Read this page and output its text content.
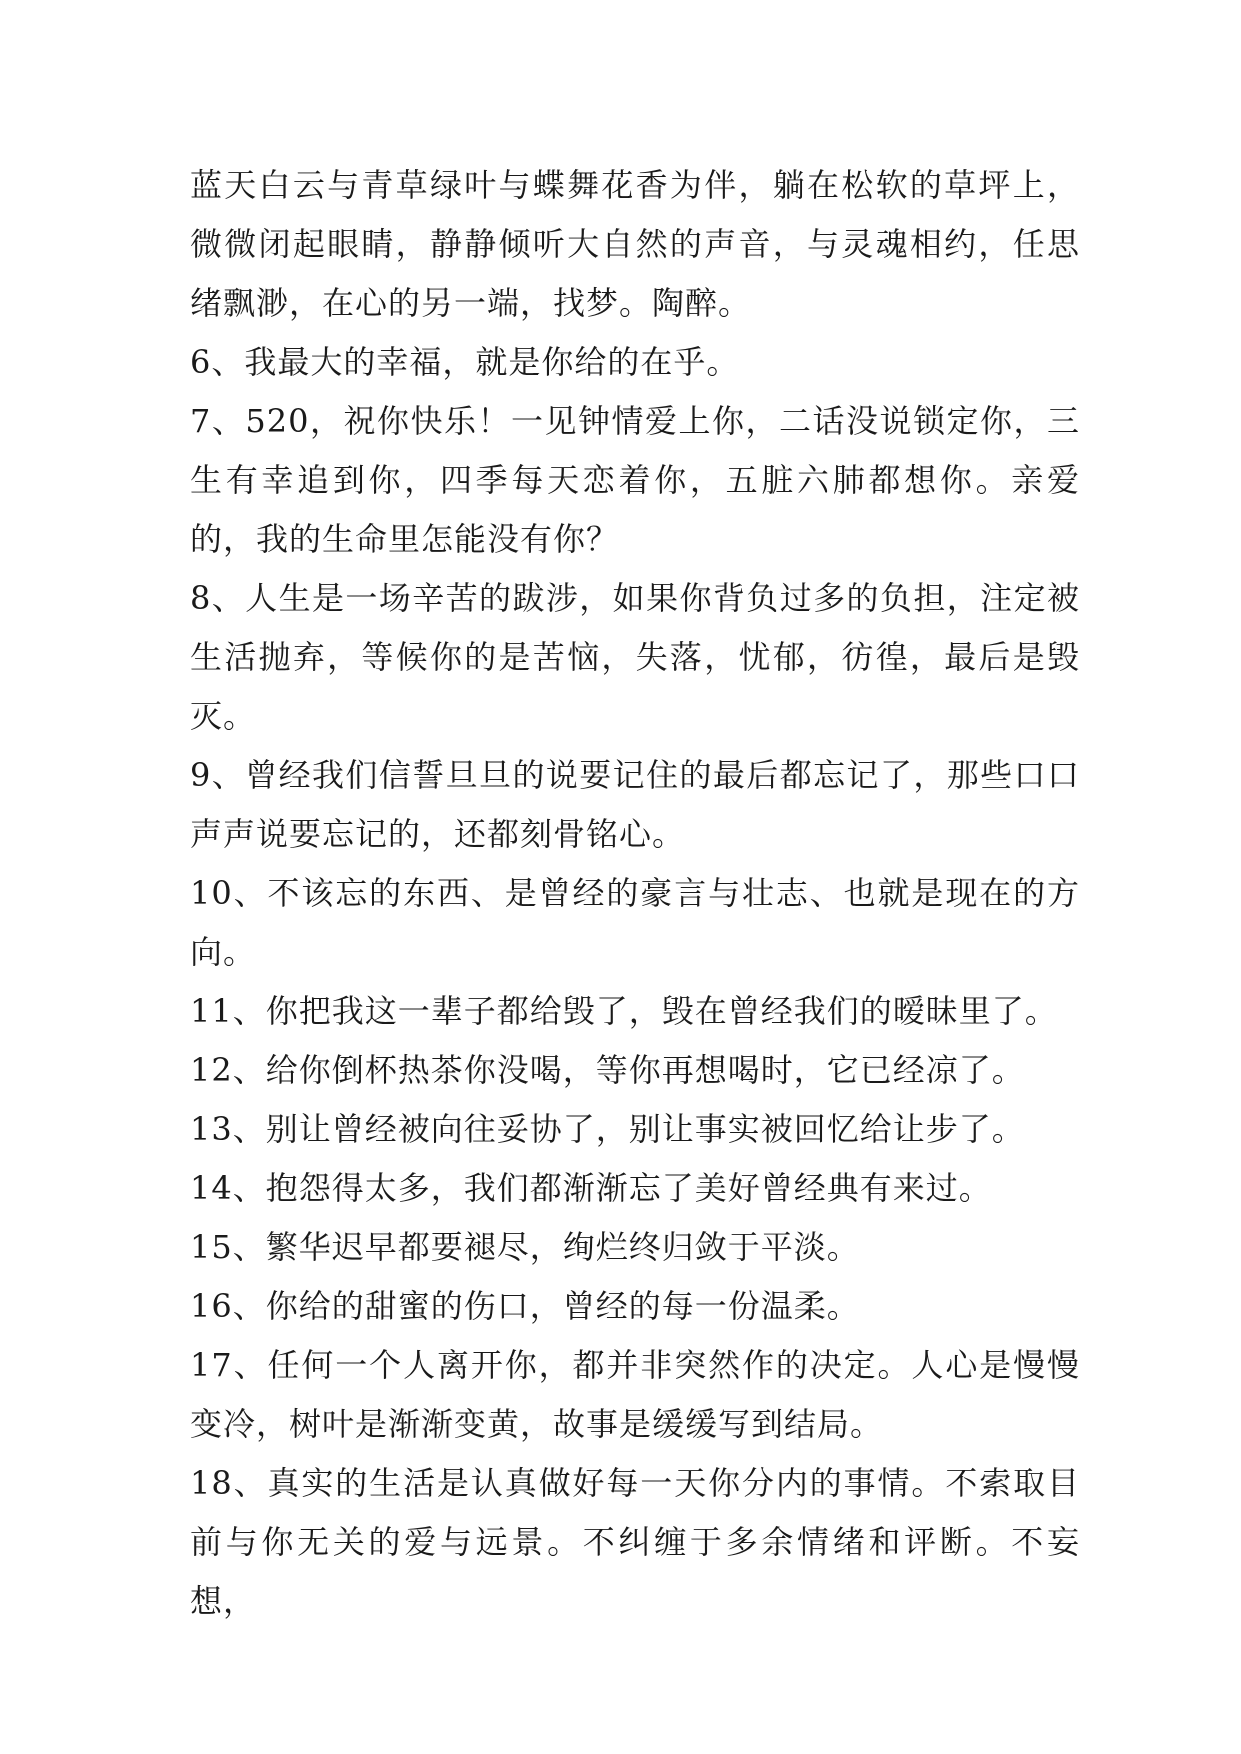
蓝天白云与青草绿叶与蝶舞花香为伴，躺在松软的草坪上，微微闭起眼睛，静静倾听大自然的声音，与灵魂相约，任思绪飘渺，在心的另一端，找梦。陶醉。

6、我最大的幸福，就是你给的在乎。

7、520，祝你快乐！一见钟情爱上你，二话没说锁定你，三生有幸追到你，四季每天恋着你，五脏六肺都想你。亲爱的，我的生命里怎能没有你？

8、人生是一场辛苦的跋涉，如果你背负过多的负担，注定被生活抛弃，等候你的是苦恼，失落，忧郁，彷徨，最后是毁灭。

9、曾经我们信誓旦旦的说要记住的最后都忘记了，那些口口声声说要忘记的，还都刻骨铭心。

10、不该忘的东西、是曾经的豪言与壮志、也就是现在的方向。

11、你把我这一辈子都给毁了，毁在曾经我们的暧昧里了。

12、给你倒杯热茶你没喝，等你再想喝时，它已经凉了。

13、别让曾经被向往妥协了，别让事实被回忆给让步了。

14、抱怨得太多，我们都渐渐忘了美好曾经典有来过。

15、繁华迟早都要褪尽，绚烂终归敛于平淡。

16、你给的甜蜜的伤口，曾经的每一份温柔。

17、任何一个人离开你，都并非突然作的决定。人心是慢慢变冷，树叶是渐渐变黄，故事是缓缓写到结局。

18、真实的生活是认真做好每一天你分内的事情。不索取目前与你无关的爱与远景。不纠缠于多余情绪和评断。不妄想，
